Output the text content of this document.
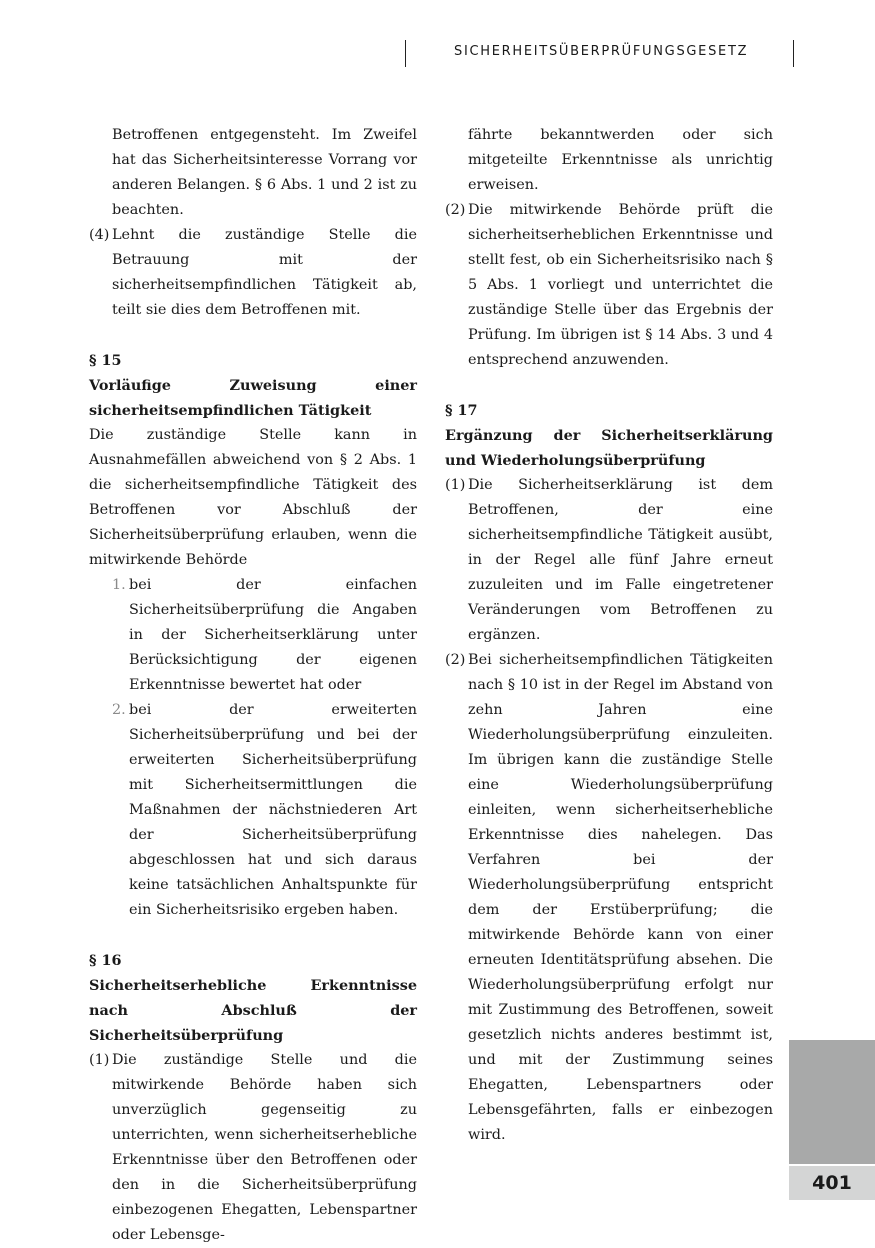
SICHERHEITSÜBERPRÜFUNGSGESETZ

Betroffenen entgegensteht. Im Zweifel hat das Sicherheitsinteresse Vorrang vor anderen Belangen. § 6 Abs. 1 und 2 ist zu beachten.

(4) Lehnt die zuständige Stelle die Betrauung mit der sicherheitsempfindlichen Tätigkeit ab, teilt sie dies dem Betroffenen mit.

§ 15

Vorläufige Zuweisung einer sicherheitsempfindlichen Tätigkeit

Die zuständige Stelle kann in Ausnahmefällen abweichend von § 2 Abs. 1 die sicherheitsempfindliche Tätigkeit des Betroffenen vor Abschluß der Sicherheitsüberprüfung erlauben, wenn die mitwirkende Behörde

1. bei der einfachen Sicherheitsüberprüfung die Angaben in der Sicherheitserklärung unter Berücksichtigung der eigenen Erkenntnisse bewertet hat oder
2. bei der erweiterten Sicherheitsüberprüfung und bei der erweiterten Sicherheitsüberprüfung mit Sicherheitsermittlungen die Maßnahmen der nächstniederen Art der Sicherheitsüberprüfung abgeschlossen hat und sich daraus keine tatsächlichen Anhaltspunkte für ein Sicherheitsrisiko ergeben haben.

§ 16

Sicherheitserhebliche Erkenntnisse nach Abschluß der Sicherheitsüberprüfung

(1) Die zuständige Stelle und die mitwirkende Behörde haben sich unverzüglich gegenseitig zu unterrichten, wenn sicherheitserhebliche Erkenntnisse über den Betroffenen oder den in die Sicherheitsüberprüfung einbezogenen Ehegatten, Lebenspartner oder Lebensge-

fährte bekanntwerden oder sich mitgeteilte Erkenntnisse als unrichtig erweisen.

(2) Die mitwirkende Behörde prüft die sicherheitserheblichen Erkenntnisse und stellt fest, ob ein Sicherheitsrisiko nach § 5 Abs. 1 vorliegt und unterrichtet die zuständige Stelle über das Ergebnis der Prüfung. Im übrigen ist § 14 Abs. 3 und 4 entsprechend anzuwenden.

§ 17

Ergänzung der Sicherheitserklärung und Wiederholungsüberprüfung

(1) Die Sicherheitserklärung ist dem Betroffenen, der eine sicherheitsempfindliche Tätigkeit ausübt, in der Regel alle fünf Jahre erneut zuzuleiten und im Falle eingetretener Veränderungen vom Betroffenen zu ergänzen.
(2) Bei sicherheitsempfindlichen Tätigkeiten nach § 10 ist in der Regel im Abstand von zehn Jahren eine Wiederholungsüberprüfung einzuleiten. Im übrigen kann die zuständige Stelle eine Wiederholungsüberprüfung einleiten, wenn sicherheitserhebliche Erkenntnisse dies nahelegen. Das Verfahren bei der Wiederholungsüberprüfung entspricht dem der Erstüberprüfung; die mitwirkende Behörde kann von einer erneuten Identitätsprüfung absehen. Die Wiederholungsüberprüfung erfolgt nur mit Zustimmung des Betroffenen, soweit gesetzlich nichts anderes bestimmt ist, und mit der Zustimmung seines Ehegatten, Lebenspartners oder Lebensgefährten, falls er einbezogen wird.
401
